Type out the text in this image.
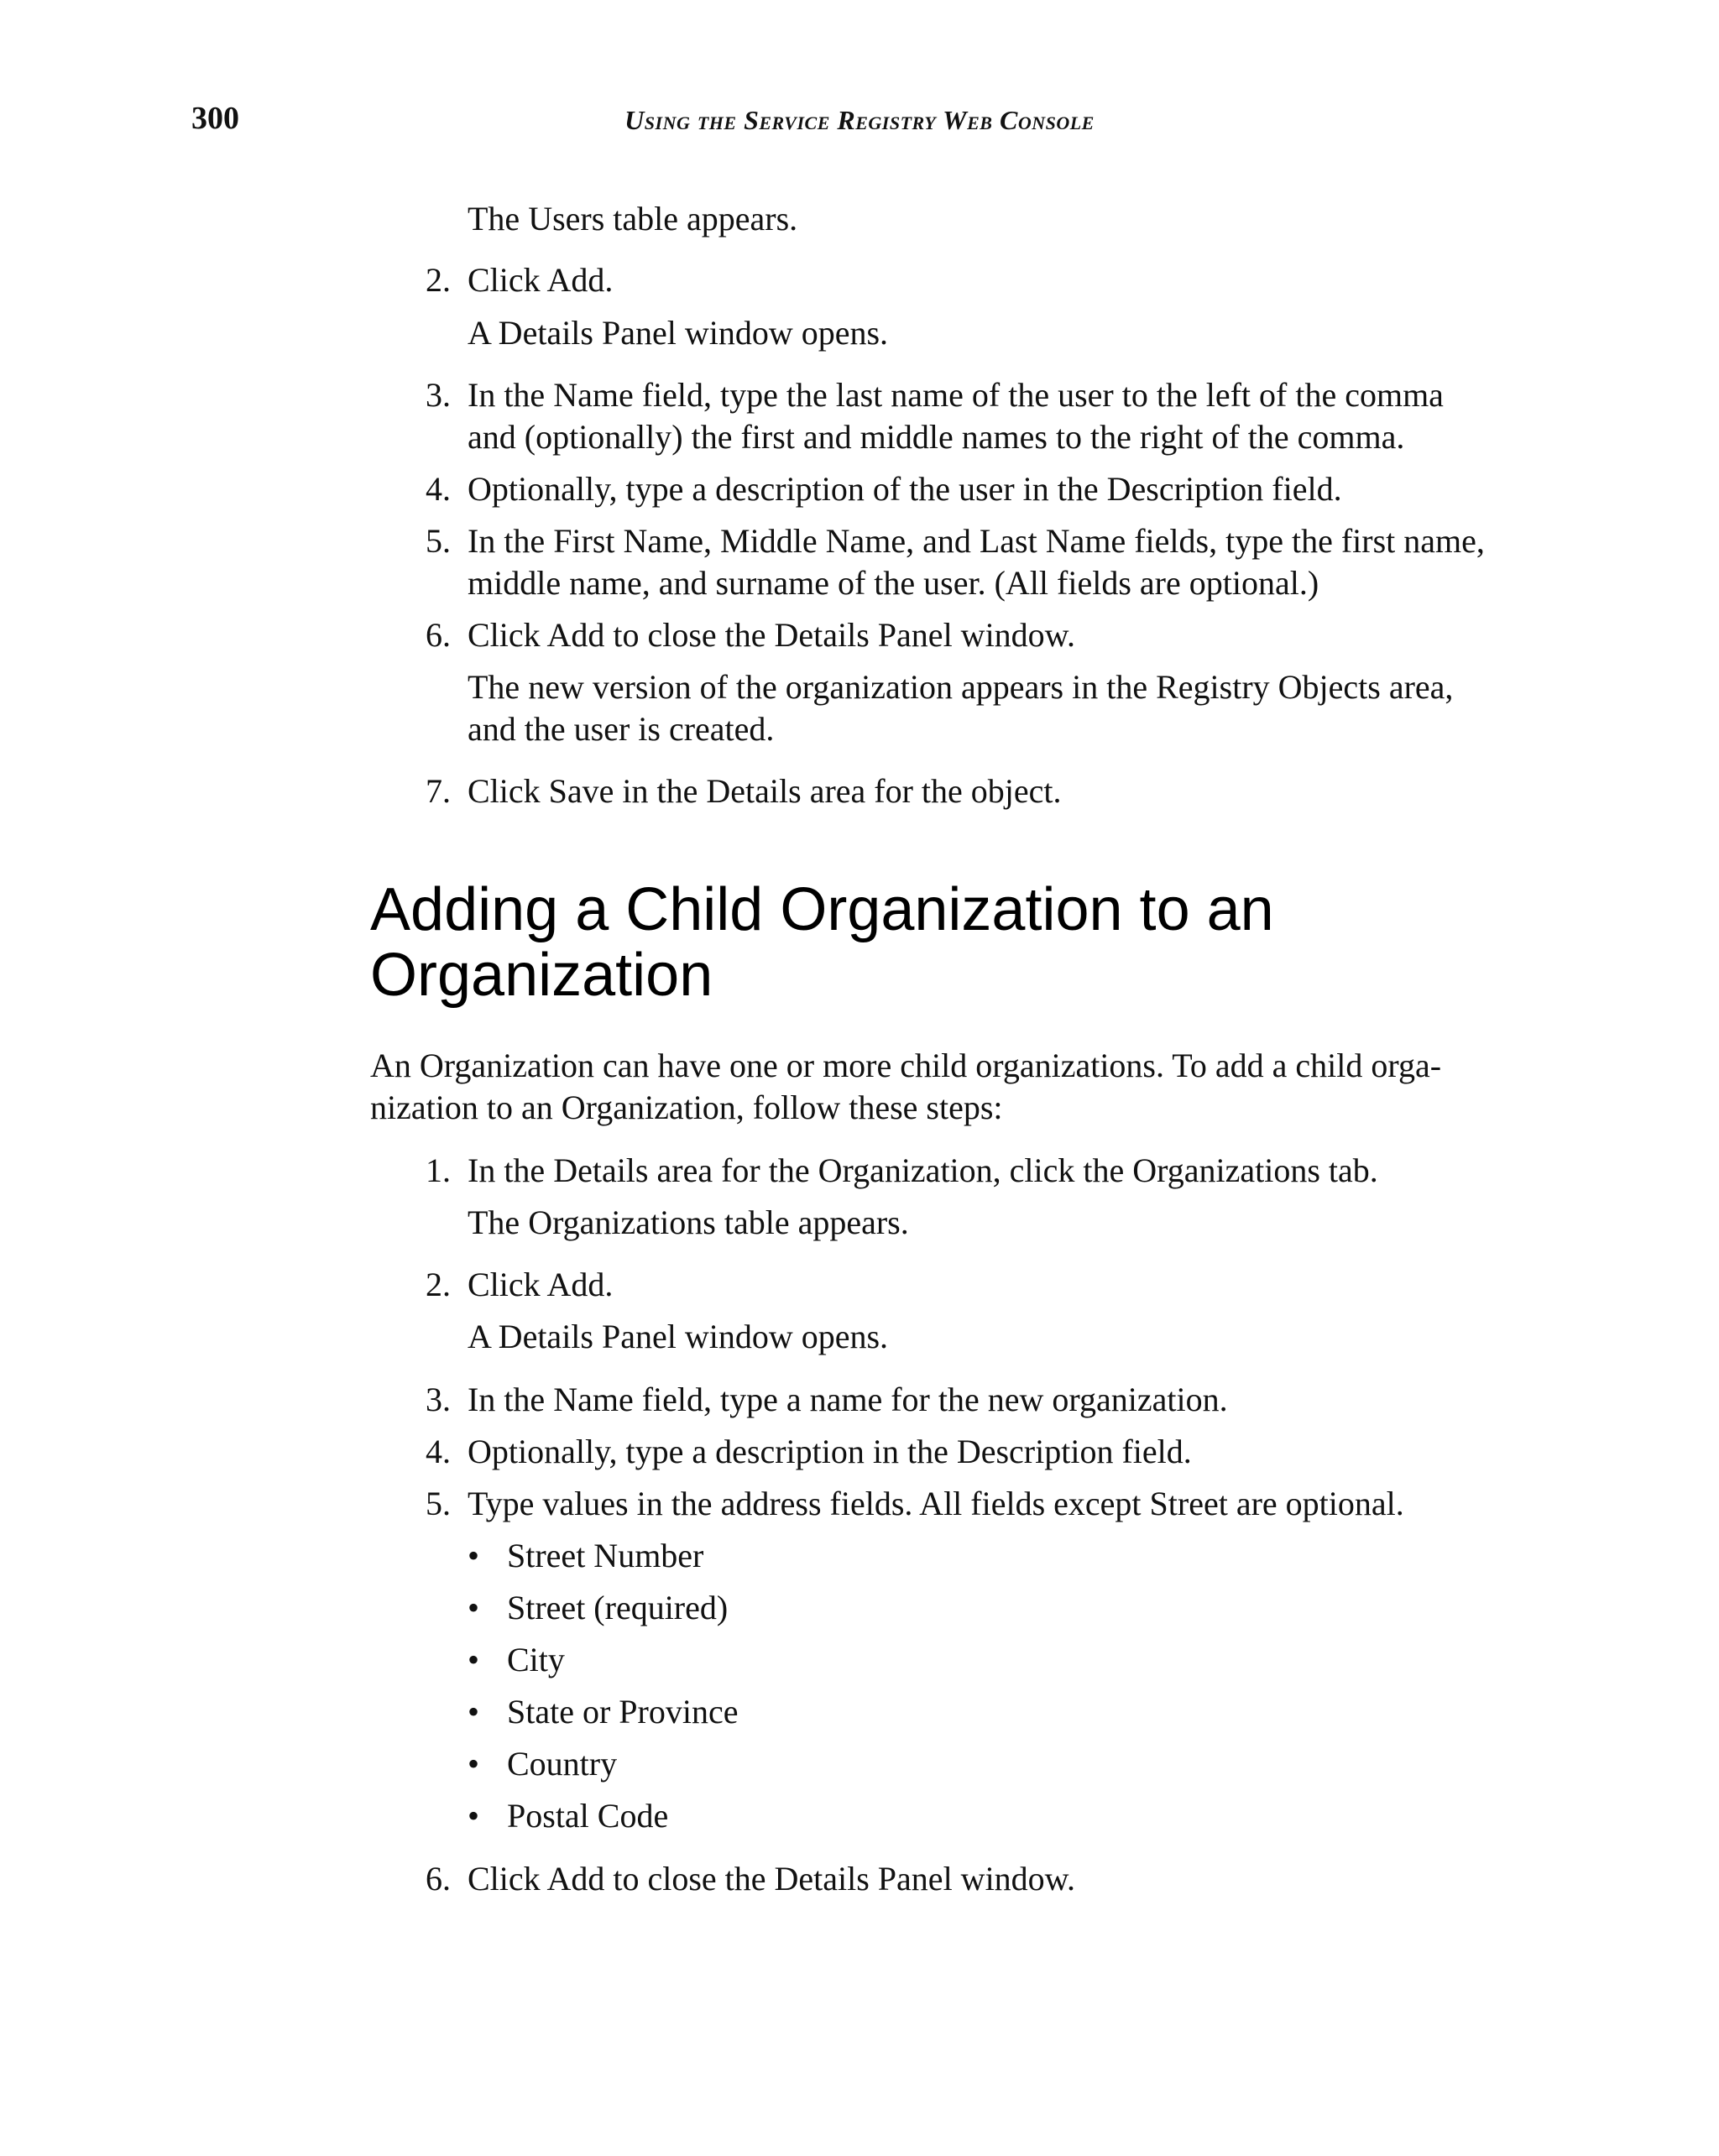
300	Using the Service Registry Web Console
The Users table appears.
2. Click Add.
A Details Panel window opens.
3. In the Name field, type the last name of the user to the left of the comma
and (optionally) the first and middle names to the right of the comma.
4. Optionally, type a description of the user in the Description field.
5. In the First Name, Middle Name, and Last Name fields, type the first name,
middle name, and surname of the user. (All fields are optional.)
6. Click Add to close the Details Panel window.
The new version of the organization appears in the Registry Objects area,
and the user is created.
7. Click Save in the Details area for the object.
Adding a Child Organization to an
Organization
An Organization can have one or more child organizations. To add a child orga-
nization to an Organization, follow these steps:
1. In the Details area for the Organization, click the Organizations tab.
The Organizations table appears.
2. Click Add.
A Details Panel window opens.
3. In the Name field, type a name for the new organization.
4. Optionally, type a description in the Description field.
5. Type values in the address fields. All fields except Street are optional.
• Street Number
• Street (required)
• City
• State or Province
• Country
• Postal Code
6. Click Add to close the Details Panel window.
